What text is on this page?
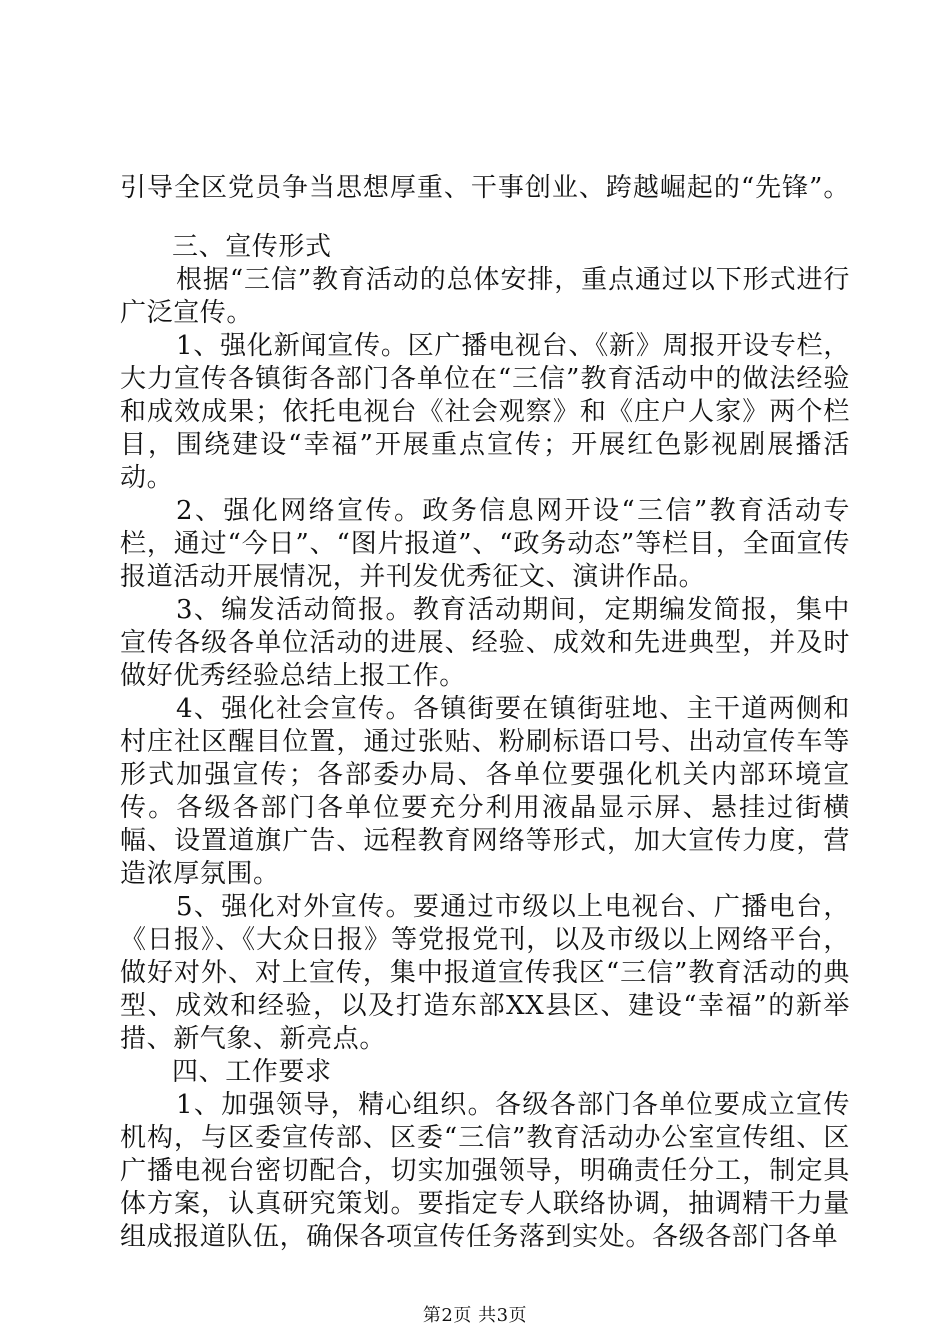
引导全区党员争当思想厚重、干事创业、跨越崛起的“先锋”。

三、宣传形式

根据“三信”教育活动的总体安排，重点通过以下形式进行广泛宣传。

1、强化新闻宣传。区广播电视台、《新》周报开设专栏，大力宣传各镇街各部门各单位在“三信”教育活动中的做法经验和成效成果；依托电视台《社会观察》和《庄户人家》两个栏目，围绕建设“幸福”开展重点宣传；开展红色影视剧展播活动。

2、强化网络宣传。政务信息网开设“三信”教育活动专栏，通过“今日”、“图片报道”、“政务动态”等栏目，全面宣传报道活动开展情况，并刊发优秀征文、演讲作品。

3、编发活动简报。教育活动期间，定期编发简报，集中宣传各级各单位活动的进展、经验、成效和先进典型，并及时做好优秀经验总结上报工作。

4、强化社会宣传。各镇街要在镇街驻地、主干道两侧和村庄社区醒目位置，通过张贴、粉刷标语口号、出动宣传车等形式加强宣传；各部委办局、各单位要强化机关内部环境宣传。各级各部门各单位要充分利用液晶显示屏、悬挂过街横幅、设置道旗广告、远程教育网络等形式，加大宣传力度，营造浓厚氛围。

5、强化对外宣传。要通过市级以上电视台、广播电台，《日报》、《大众日报》等党报党刊，以及市级以上网络平台，做好对外、对上宣传，集中报道宣传我区“三信”教育活动的典型、成效和经验，以及打造东部XX县区、建设“幸福”的新举措、新气象、新亮点。

四、工作要求

1、加强领导，精心组织。各级各部门各单位要成立宣传机构，与区委宣传部、区委“三信”教育活动办公室宣传组、区广播电视台密切配合，切实加强领导，明确责任分工，制定具体方案，认真研究策划。要指定专人联络协调，抽调精干力量组成报道队伍，确保各项宣传任务落到实处。各级各部门各单

第2页 共3页
